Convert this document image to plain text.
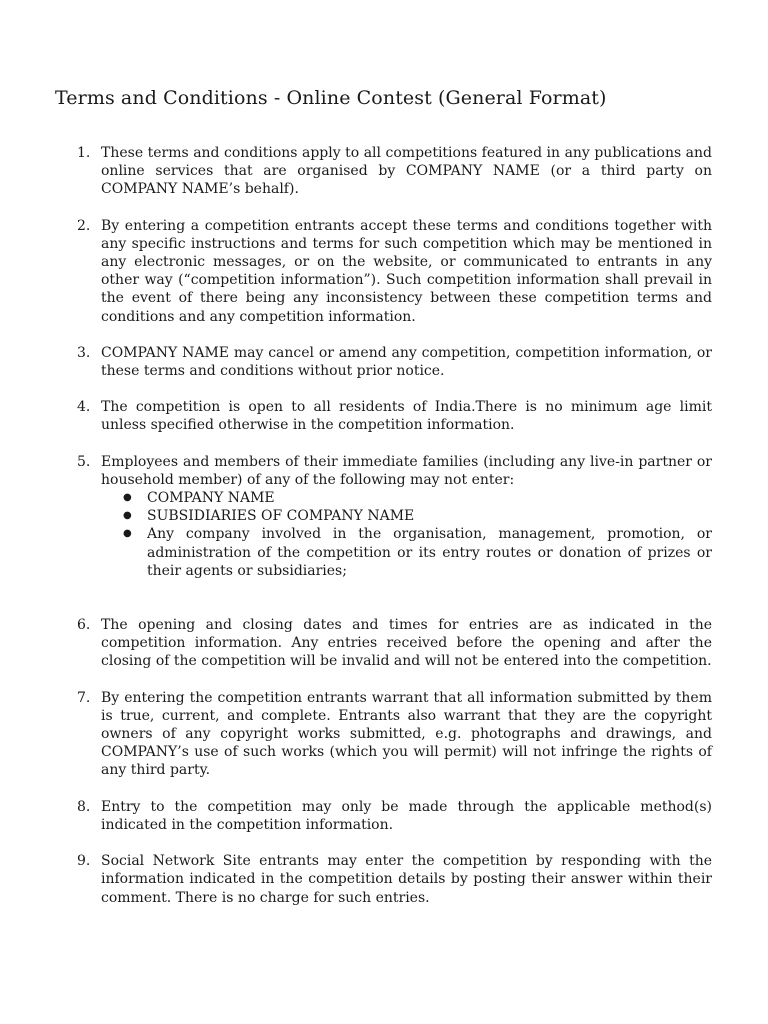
Terms and Conditions - Online Contest (General Format)
1. These terms and conditions apply to all competitions featured in any publications and online services that are organised by COMPANY NAME (or a third party on COMPANY NAME’s behalf).
2. By entering a competition entrants accept these terms and conditions together with any specific instructions and terms for such competition which may be mentioned in any electronic messages, or on the website, or communicated to entrants in any other way (“competition information”). Such competition information shall prevail in the event of there being any inconsistency between these competition terms and conditions and any competition information.
3. COMPANY NAME may cancel or amend any competition, competition information, or these terms and conditions without prior notice.
4. The competition is open to all residents of India.There is no minimum age limit unless specified otherwise in the competition information.
5. Employees and members of their immediate families (including any live-in partner or household member) of any of the following may not enter:
● COMPANY NAME
● SUBSIDIARIES OF COMPANY NAME
● Any company involved in the organisation, management, promotion, or administration of the competition or its entry routes or donation of prizes or their agents or subsidiaries;
6. The opening and closing dates and times for entries are as indicated in the competition information. Any entries received before the opening and after the closing of the competition will be invalid and will not be entered into the competition.
7. By entering the competition entrants warrant that all information submitted by them is true, current, and complete. Entrants also warrant that they are the copyright owners of any copyright works submitted, e.g. photographs and drawings, and COMPANY’s use of such works (which you will permit) will not infringe the rights of any third party.
8. Entry to the competition may only be made through the applicable method(s) indicated in the competition information.
9. Social Network Site entrants may enter the competition by responding with the information indicated in the competition details by posting their answer within their comment. There is no charge for such entries.
